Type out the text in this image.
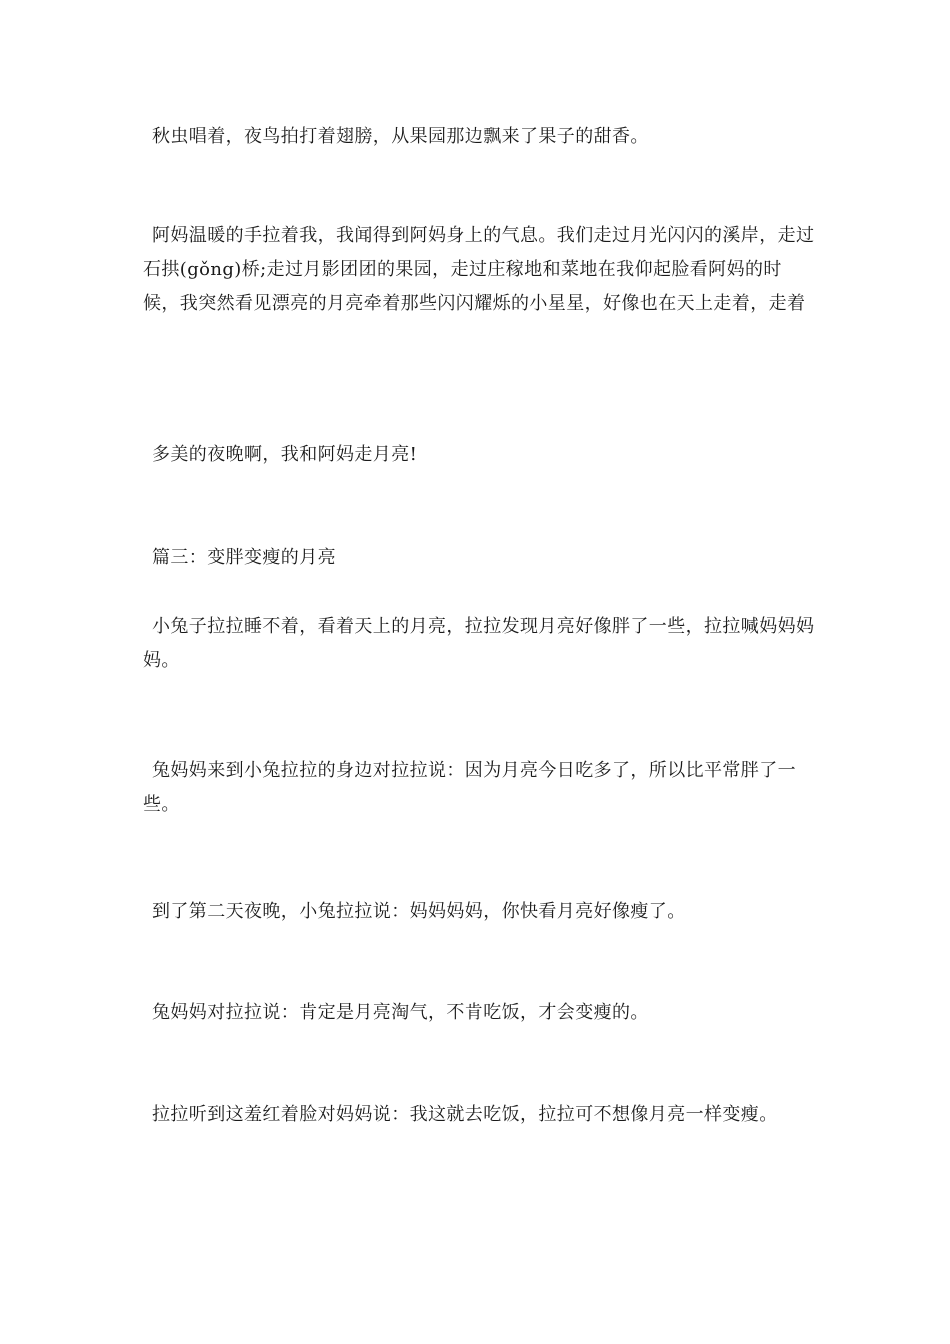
秋虫唱着，夜鸟拍打着翅膀，从果园那边飘来了果子的甜香。

阿妈温暖的手拉着我，我闻得到阿妈身上的气息。我们走过月光闪闪的溪岸，走过石拱(gǒng)桥;走过月影团团的果园，走过庄稼地和菜地在我仰起脸看阿妈的时候，我突然看见漂亮的月亮牵着那些闪闪耀烁的小星星，好像也在天上走着，走着

多美的夜晚啊，我和阿妈走月亮!

篇三：变胖变瘦的月亮

小兔子拉拉睡不着，看着天上的月亮，拉拉发现月亮好像胖了一些，拉拉喊妈妈妈妈。

兔妈妈来到小兔拉拉的身边对拉拉说：因为月亮今日吃多了，所以比平常胖了一些。

到了第二天夜晚，小兔拉拉说：妈妈妈妈，你快看月亮好像瘦了。

兔妈妈对拉拉说：肯定是月亮淘气，不肯吃饭，才会变瘦的。

拉拉听到这羞红着脸对妈妈说：我这就去吃饭，拉拉可不想像月亮一样变瘦。
